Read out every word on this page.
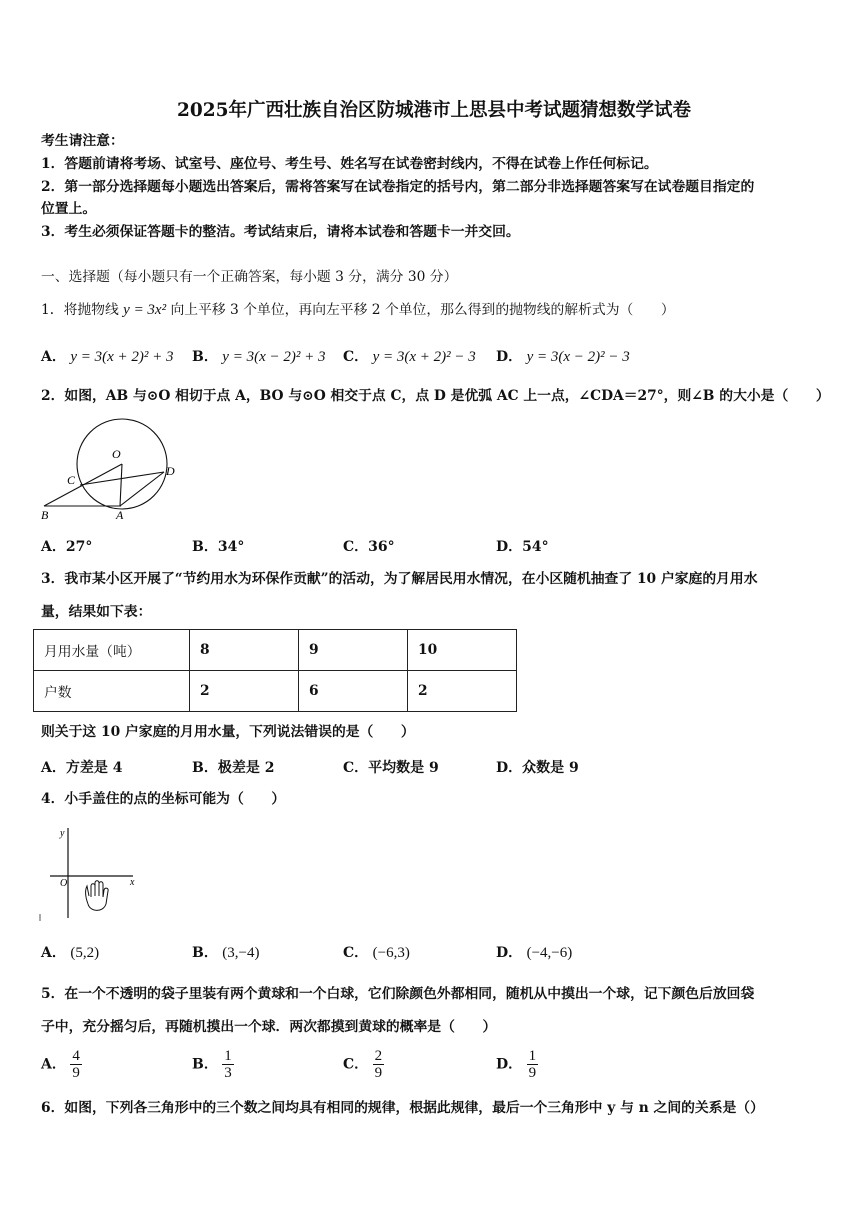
2025年广西壮族自治区防城港市上思县中考试题猜想数学试卷
考生请注意：
1．答题前请将考场、试室号、座位号、考生号、姓名写在试卷密封线内，不得在试卷上作任何标记。
2．第一部分选择题每小题选出答案后，需将答案写在试卷指定的括号内，第二部分非选择题答案写在试卷题目指定的
位置上。
3．考生必须保证答题卡的整洁。考试结束后，请将本试卷和答题卡一并交回。
一、选择题（每小题只有一个正确答案，每小题 3 分，满分 30 分）
1．将抛物线 y = 3x² 向上平移 3 个单位，再向左平移 2 个单位，那么得到的抛物线的解析式为（　　）
A． y = 3(x + 2)² + 3 B． y = 3(x − 2)² + 3 C． y = 3(x + 2)² − 3 D． y = 3(x − 2)² − 3
2．如图，AB 与⊙O 相切于点 A，BO 与⊙O 相交于点 C，点 D 是优弧 AC 上一点，∠CDA＝27°，则∠B 的大小是（　　）
O
C
D
B	A
A．27°	B．34°	C．36°	D．54°
3．我市某小区开展了“节约用水为环保作贡献”的活动，为了解居民用水情况，在小区随机抽查了 10 户家庭的月用水
量，结果如下表：
月用水量（吨）	8	9	10
户数	2	6	2
则关于这 10 户家庭的月用水量，下列说法错误的是（　　）
A．方差是 4	B．极差是 2	C．平均数是 9	D．众数是 9
4．小手盖住的点的坐标可能为（　　）
y
x
O
A． (5,2)	B． (3,−4)	C． (−6,3)	D． (−4,−6)
5．在一个不透明的袋子里装有两个黄球和一个白球，它们除颜色外都相同，随机从中摸出一个球，记下颜色后放回袋
子中，充分摇匀后，再随机摸出一个球．两次都摸到黄球的概率是（　　）
A． $\frac{4}{9}$	B． $\frac{1}{3}$	C． $\frac{2}{9}$	D． $\frac{1}{9}$
6．如图，下列各三角形中的三个数之间均具有相同的规律，根据此规律，最后一个三角形中 y 与 n 之间的关系是（）
